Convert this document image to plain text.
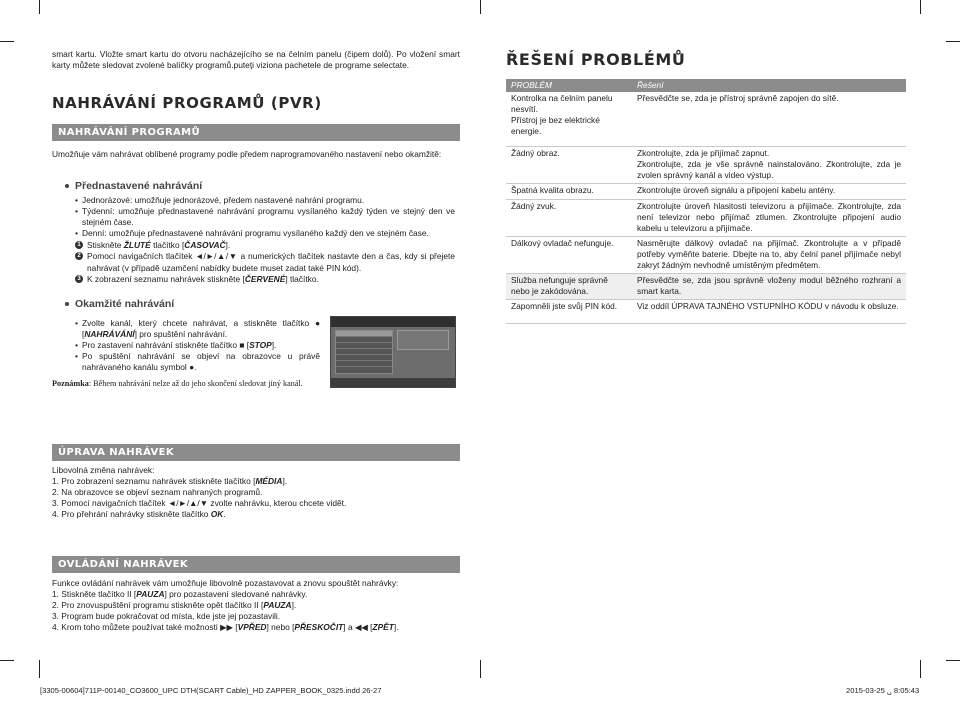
smart kartu. Vložte smart kartu do otvoru nacházejícího se na čelním panelu (čipem dolů). Po vložení smart karty můžete sledovat zvolené balíčky programů.puteți viziona pachetele de programe selectate.
NAHRÁVÁNÍ PROGRAMŮ (PVR)
NAHRÁVÁNÍ PROGRAMŮ
Umožňuje vám nahrávat oblíbené programy podle předem naprogramovaného nastavení nebo okamžitě:
Přednastavené nahrávání
• Jednorázové: umožňuje jednorázové, předem nastavené nahrání programu.
• Týdenní: umožňuje přednastavené nahrávání programu vysílaného každý týden ve stejný den ve stejném čase.
• Denní: umožňuje přednastavené nahrávání programu vysílaného každý den ve stejném čase.
1 Stiskněte ŽLUTÉ tlačítko [ČASOVAČ].
2 Pomocí navigačních tlačítek ◄/►/▲/▼ a numerických tlačítek nastavte den a čas, kdy si přejete nahrávat (v případě uzamčení nabídky budete muset zadat také PIN kód).
3 K zobrazení seznamu nahrávek stiskněte [ČERVENÉ] tlačítko.
Okamžité nahrávání
• Zvolte kanál, který chcete nahrávat, a stiskněte tlačítko ● [NAHRÁVÁNÍ] pro spuštění nahrávání.
• Pro zastavení nahrávání stiskněte tlačítko ■ [STOP].
• Po spuštění nahrávání se objeví na obrazovce u právě nahrávaného kanálu symbol ●.
Poznámka: Během nahrávání nelze až do jeho skončení sledovat jiný kanál.
ÚPRAVA NAHRÁVEK
Libovolná změna nahrávek:
1. Pro zobrazení seznamu nahrávek stiskněte tlačítko [MÉDIA].
2. Na obrazovce se objeví seznam nahraných programů.
3. Pomocí navigačních tlačítek ◄/►/▲/▼ zvolte nahrávku, kterou chcete vidět.
4. Pro přehrání nahrávky stiskněte tlačítko OK.
OVLÁDÁNÍ NAHRÁVEK
Funkce ovládání nahrávek vám umožňuje libovolně pozastavovat a znovu spouštět nahrávky:
1. Stiskněte tlačítko II [PAUZA] pro pozastavení sledované nahrávky.
2. Pro znovuspuštění programu stiskněte opět tlačítko II [PAUZA].
3. Program bude pokračovat od místa, kde jste jej pozastavili.
4. Krom toho můžete používat také možnosti ▶▶ [VPŘED] nebo [PŘESKOČIT] a ◀◀ [ZPĚT].
ŘEŠENÍ PROBLÉMŮ
PROBLÉM	Řešení
Kontrolka na čelním panelu nesvítí.
Přístroj je bez elektrické energie.	Přesvědčte se, zda je přístroj správně zapojen do sítě.
Žádný obraz.	Zkontrolujte, zda je přijímač zapnut.
Zkontrolujte, zda je vše správně nainstalováno. Zkontrolujte, zda je zvolen správný kanál a video výstup.
Špatná kvalita obrazu.	Zkontrolujte úroveň signálu a připojení kabelu antény.
Žádný zvuk.	Zkontrolujte úroveň hlasitosti televizoru a přijímače. Zkontrolujte, zda není televizor nebo přijímač ztlumen. Zkontrolujte připojení audio kabelu u televizoru a přijímače.
Dálkový ovladač nefunguje.	Nasměrujte dálkový ovladač na přijímač. Zkontrolujte a v případě potřeby vyměňte baterie. Dbejte na to, aby čelní panel přijímače nebyl zakryt žádným nevhodně umístěným předmětem.
Služba nefunguje správně nebo je zakódována.	Přesvědčte se, zda jsou správně vloženy modul běžného rozhraní a smart karta.
Zapomněli jste svůj PIN kód.	Viz oddíl ÚPRAVA TAJNÉHO VSTUPNÍHO KÓDU v návodu k obsluze.
[3305-00604]711P-00140_CO3600_UPC DTH(SCART Cable)_HD ZAPPER_BOOK_0325.indd 26-27	2015-03-25 ␣ 8:05:43
